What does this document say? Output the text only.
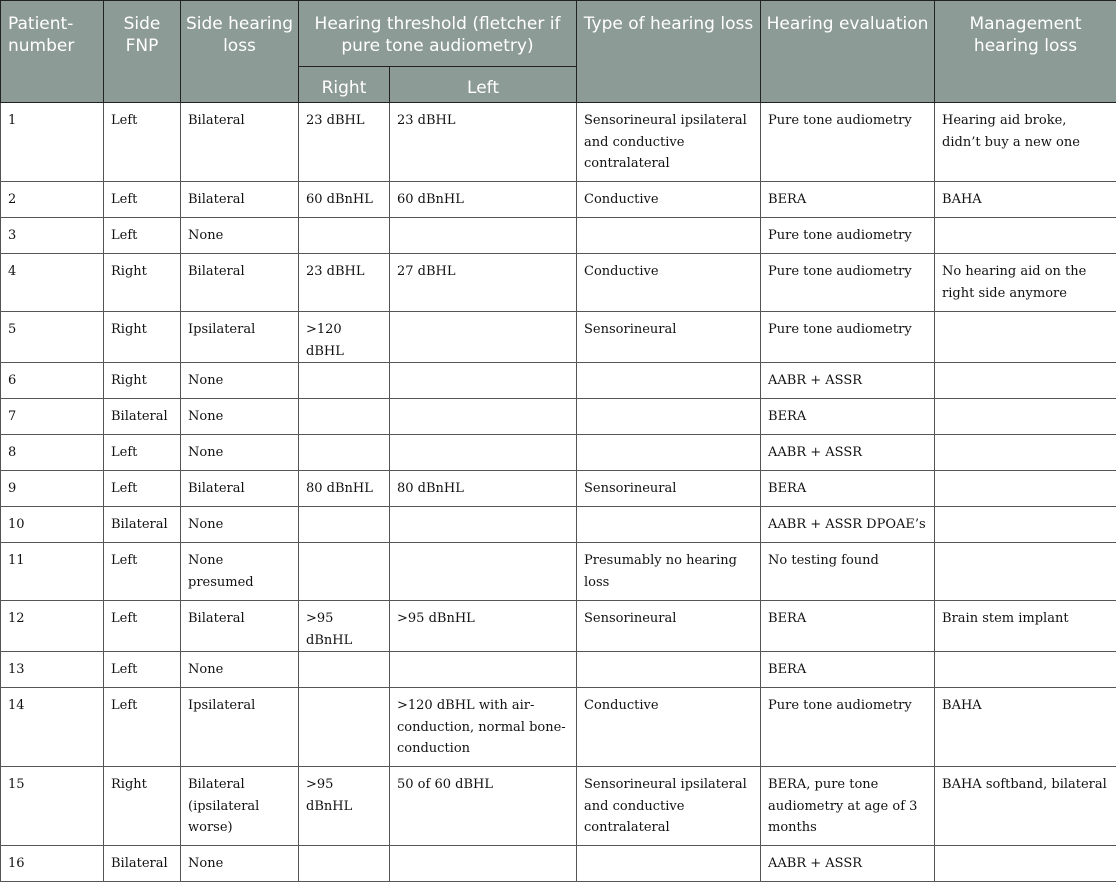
Patient-number	Side FNP	Side hearing loss	Hearing threshold (fletcher if pure tone audiometry)		Type of hearing loss	Hearing evaluation	Management hearing loss
			Right	Left			
1	Left	Bilateral	23 dBHL	23 dBHL	Sensorineural ipsilateral and conductive contralateral	Pure tone audiometry	Hearing aid broke, didn’t buy a new one
2	Left	Bilateral	60 dBnHL	60 dBnHL	Conductive	BERA	BAHA
3	Left	None				Pure tone audiometry	
4	Right	Bilateral	23 dBHL	27 dBHL	Conductive	Pure tone audiometry	No hearing aid on the right side anymore
5	Right	Ipsilateral	>120 dBHL		Sensorineural	Pure tone audiometry	
6	Right	None				AABR + ASSR	
7	Bilateral	None				BERA	
8	Left	None				AABR + ASSR	
9	Left	Bilateral	80 dBnHL	80 dBnHL	Sensorineural	BERA	
10	Bilateral	None				AABR + ASSR DPOAE’s	
11	Left	None presumed			Presumably no hearing loss	No testing found	
12	Left	Bilateral	>95 dBnHL	>95 dBnHL	Sensorineural	BERA	Brain stem implant
13	Left	None				BERA	
14	Left	Ipsilateral		>120 dBHL with air-conduction, normal bone-conduction	Conductive	Pure tone audiometry	BAHA
15	Right	Bilateral (ipsilateral worse)	>95 dBnHL	50 of 60 dBHL	Sensorineural ipsilateral and conductive contralateral	BERA, pure tone audiometry at age of 3 months	BAHA softband, bilateral
16	Bilateral	None				AABR + ASSR	
